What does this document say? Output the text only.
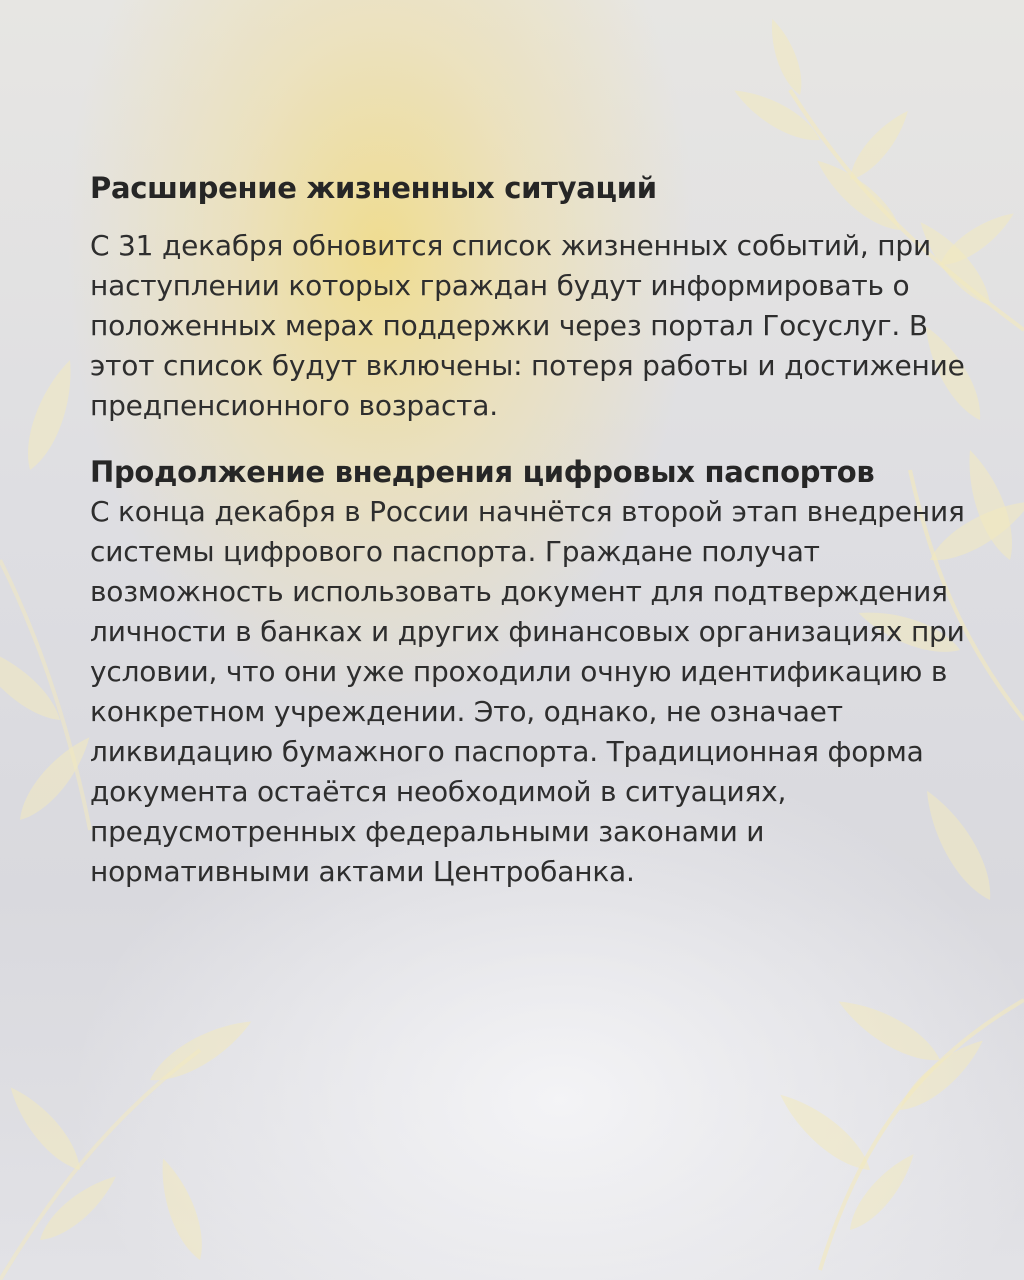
Расширение жизненных ситуаций

С 31 декабря обновится список жизненных событий, при наступлении которых граждан будут информировать о положенных мерах поддержки через портал Госуслуг. В этот список будут включены: потеря работы и достижение предпенсионного возраста.

Продолжение внедрения цифровых паспортов

С конца декабря в России начнётся второй этап внедрения системы цифрового паспорта. Граждане получат возможность использовать документ для подтверждения личности в банках и других финансовых организациях при условии, что они уже проходили очную идентификацию в конкретном учреждении. Это, однако, не означает ликвидацию бумажного паспорта. Традиционная форма документа остаётся необходимой в ситуациях, предусмотренных федеральными законами и нормативными актами Центробанка.
